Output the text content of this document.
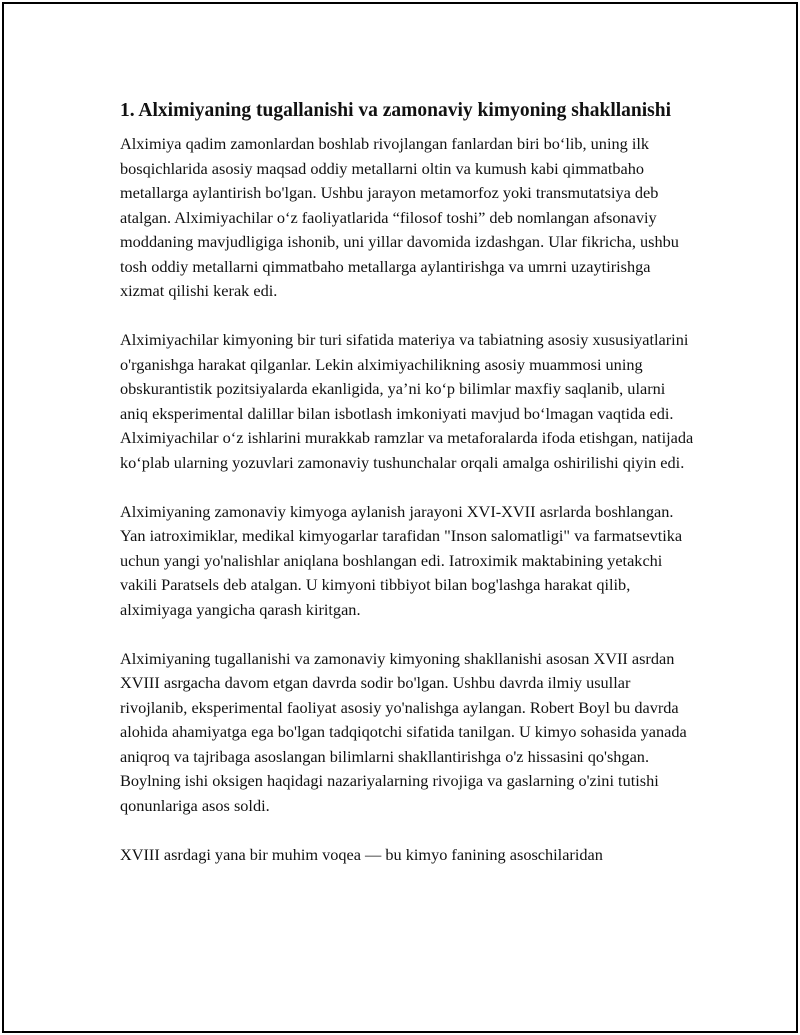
1. Alximiyaning tugallanishi va zamonaviy kimyoning shakllanishi

Alximiya qadim zamonlardan boshlab rivojlangan fanlardan biri bo‘lib, uning ilk bosqichlarida asosiy maqsad oddiy metallarni oltin va kumush kabi qimmatbaho metallarga aylantirish bo'lgan. Ushbu jarayon metamorfoz yoki transmutatsiya deb atalgan. Alximiyachilar o‘z faoliyatlarida “filosof toshi” deb nomlangan afsonaviy moddaning mavjudligiga ishonib, uni yillar davomida izdashgan. Ular fikricha, ushbu tosh oddiy metallarni qimmatbaho metallarga aylantirishga va umrni uzaytirishga xizmat qilishi kerak edi.

Alximiyachilar kimyoning bir turi sifatida materiya va tabiatning asosiy xususiyatlarini o'rganishga harakat qilganlar. Lekin alximiyachilikning asosiy muammosi uning obskurantistik pozitsiyalarda ekanligida, ya’ni ko‘p bilimlar maxfiy saqlanib, ularni aniq eksperimental dalillar bilan isbotlash imkoniyati mavjud bo‘lmagan vaqtida edi. Alximiyachilar o‘z ishlarini murakkab ramzlar va metaforalarda ifoda etishgan, natijada ko‘plab ularning yozuvlari zamonaviy tushunchalar orqali amalga oshirilishi qiyin edi.

Alximiyaning zamonaviy kimyoga aylanish jarayoni XVI-XVII asrlarda boshlangan. Yan iatroximiklar, medikal kimyogarlar tarafidan "Inson salomatligi" va farmatsevtika uchun yangi yo'nalishlar aniqlana boshlangan edi. Iatroximik maktabining yetakchi vakili Paratsels deb atalgan. U kimyoni tibbiyot bilan bog'lashga harakat qilib, alximiyaga yangicha qarash kiritgan.

Alximiyaning tugallanishi va zamonaviy kimyoning shakllanishi asosan XVII asrdan XVIII asrgacha davom etgan davrda sodir bo'lgan. Ushbu davrda ilmiy usullar rivojlanib, eksperimental faoliyat asosiy yo'nalishga aylangan. Robert Boyl bu davrda alohida ahamiyatga ega bo'lgan tadqiqotchi sifatida tanilgan. U kimyo sohasida yanada aniqroq va tajribaga asoslangan bilimlarni shakllantirishga o'z hissasini qo'shgan. Boylning ishi oksigen haqidagi nazariyalarning rivojiga va gaslarning o'zini tutishi qonunlariga asos soldi.

XVIII asrdagi yana bir muhim voqea — bu kimyo fanining asoschilaridan
